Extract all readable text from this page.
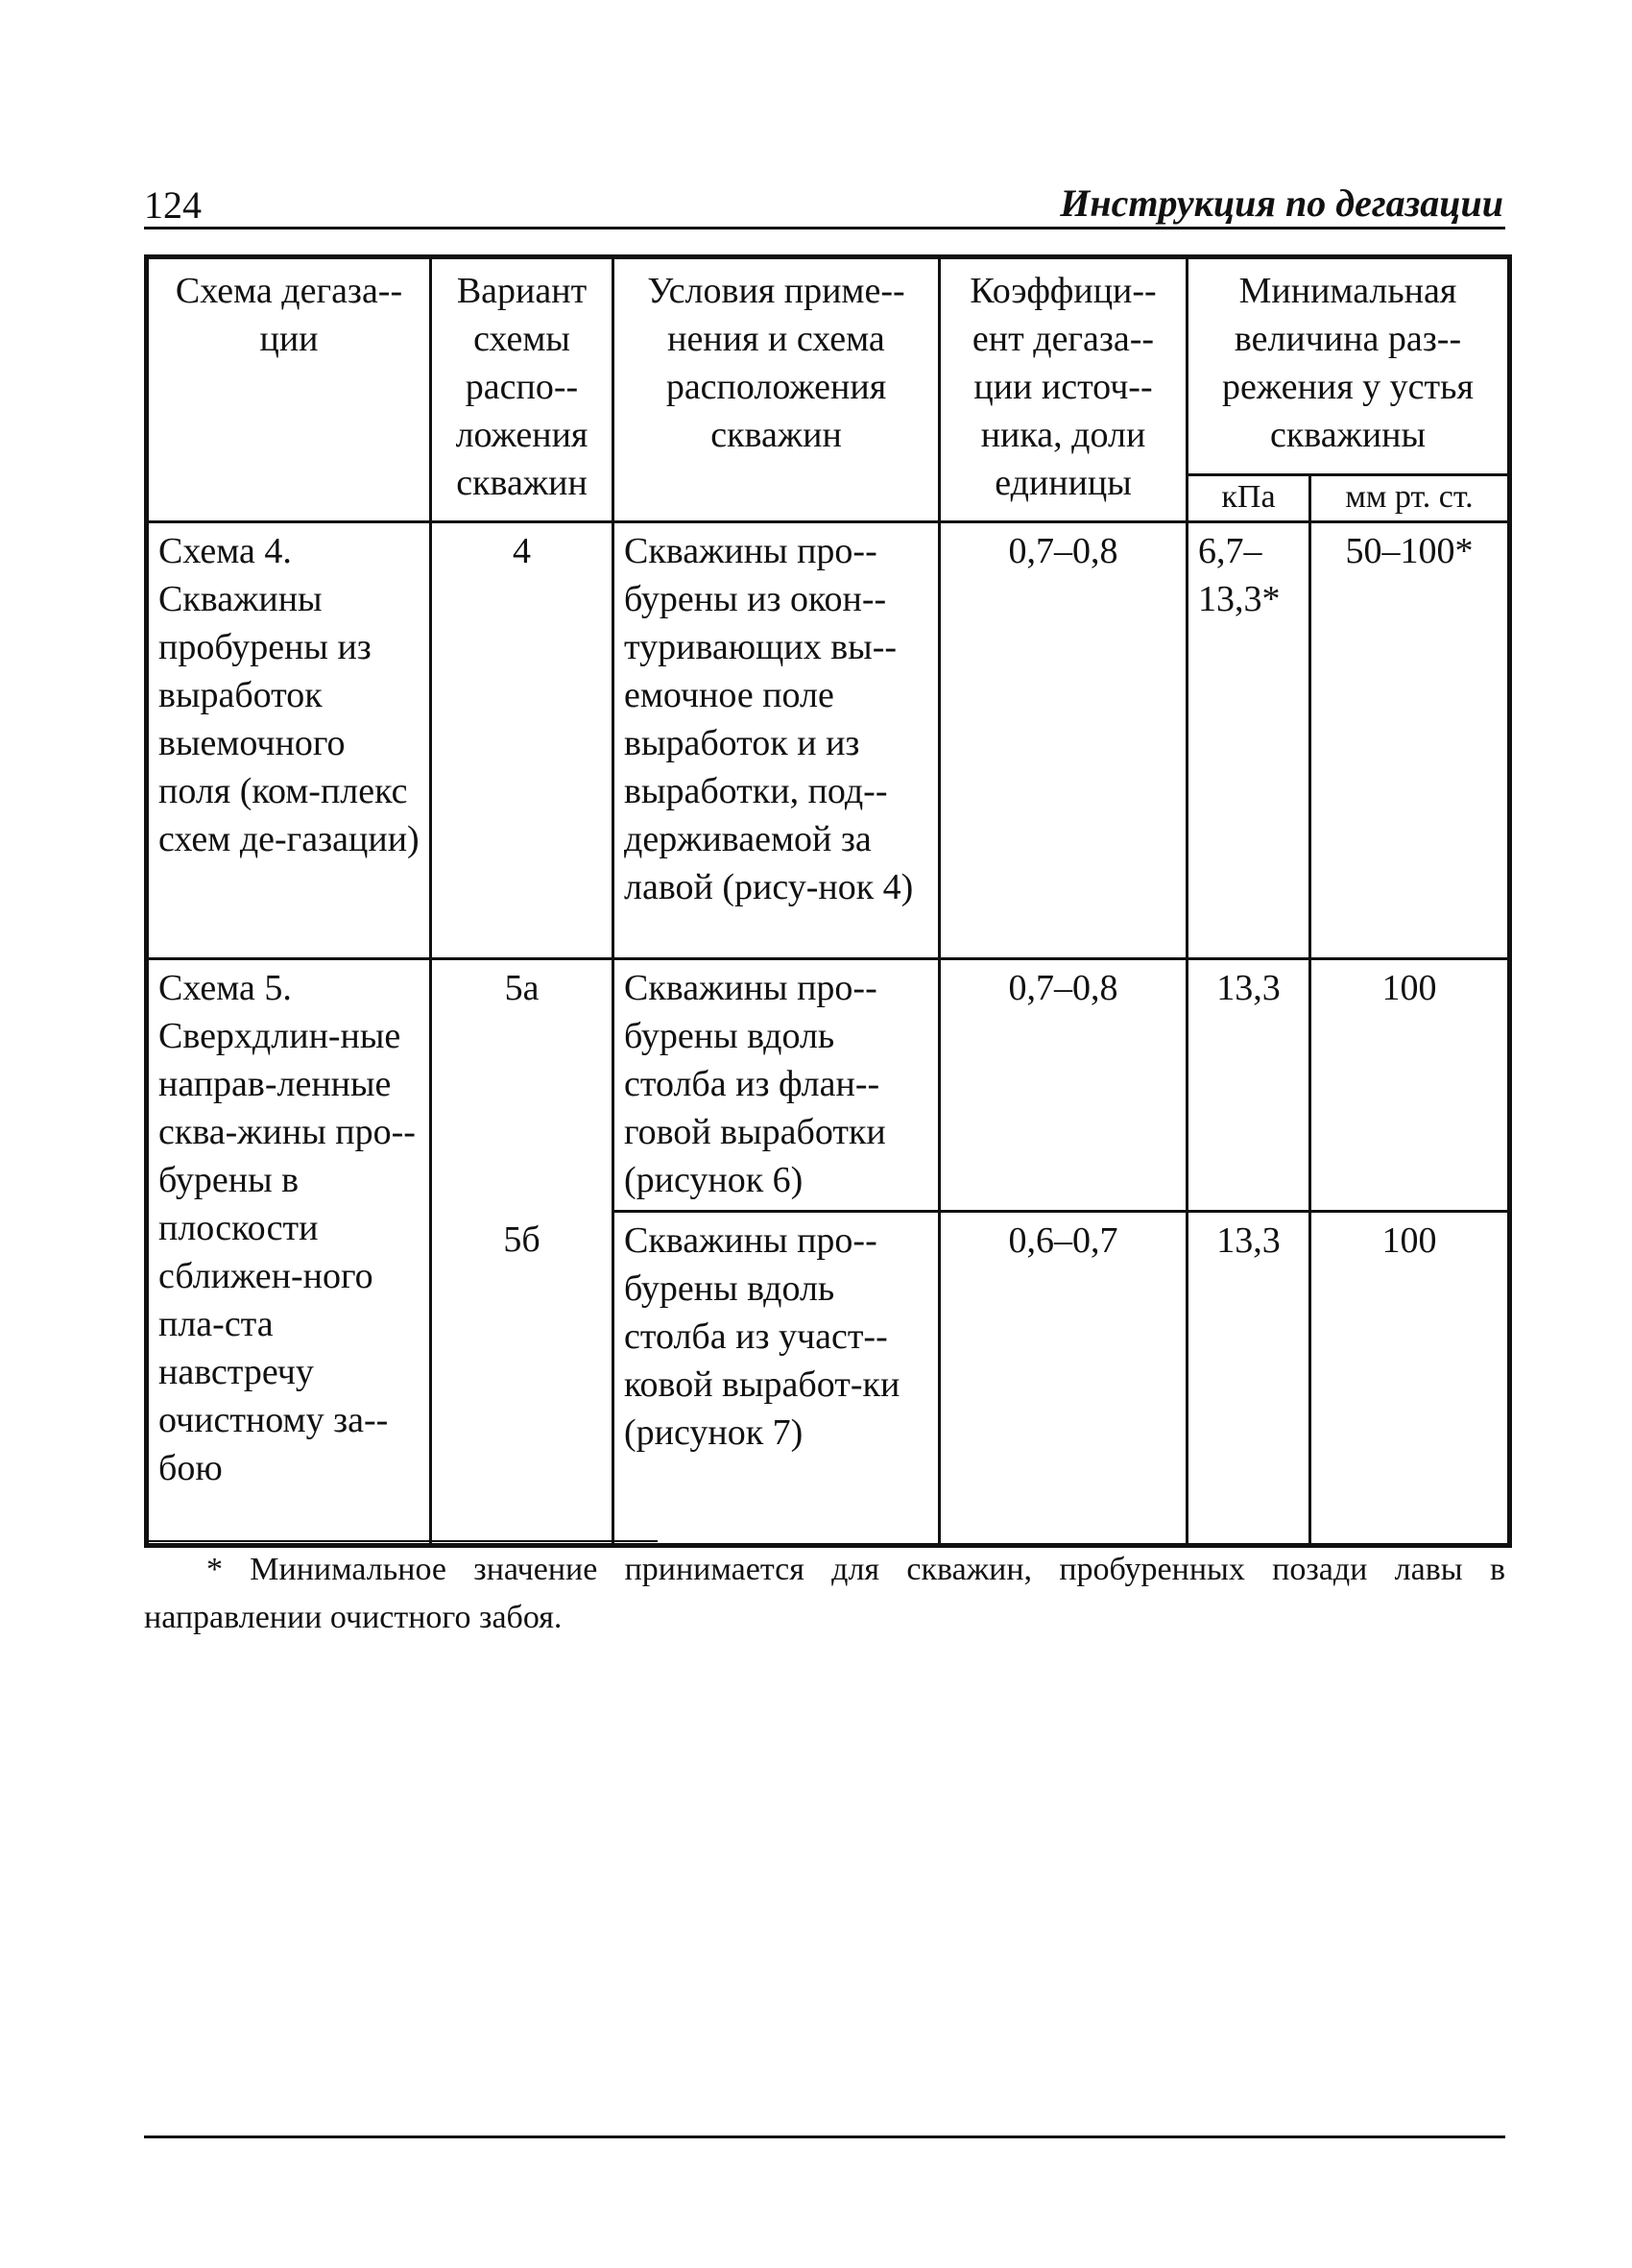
124	Инструкция по дегазации
Схема дегаза-ции	Вариант схемы распо-ложения скважин	Условия приме-нения и схема расположения скважин	Коэффици-ент дегаза-ции источ-ника, доли единицы	Минимальная величина раз-режения у устья скважины	
				кПа	мм рт. ст.
Схема 4. Скважины пробурены из выработок выемочного поля (ком-плекс схем де-газации)	4	Скважины про-бурены из окон-туривающих вы-емочное поле выработок и из выработки, под-держиваемой за лавой (рису-нок 4)	0,7–0,8	6,7–13,3*	50–100*
Схема 5. Сверхдлин-ные направ-ленные сква-жины про-бурены в плоскости сближен-ного пла-ста навстречу очистному за-бою	5а	Скважины про-бурены вдоль столба из флан-говой выработки (рисунок 6)	0,7–0,8	13,3	100
	5б	Скважины про-бурены вдоль столба из участ-ковой выработ-ки (рисунок 7)	0,6–0,7	13,3	100
* Минимальное значение принимается для скважин, пробуренных позади лавы в направлении очистного забоя.
